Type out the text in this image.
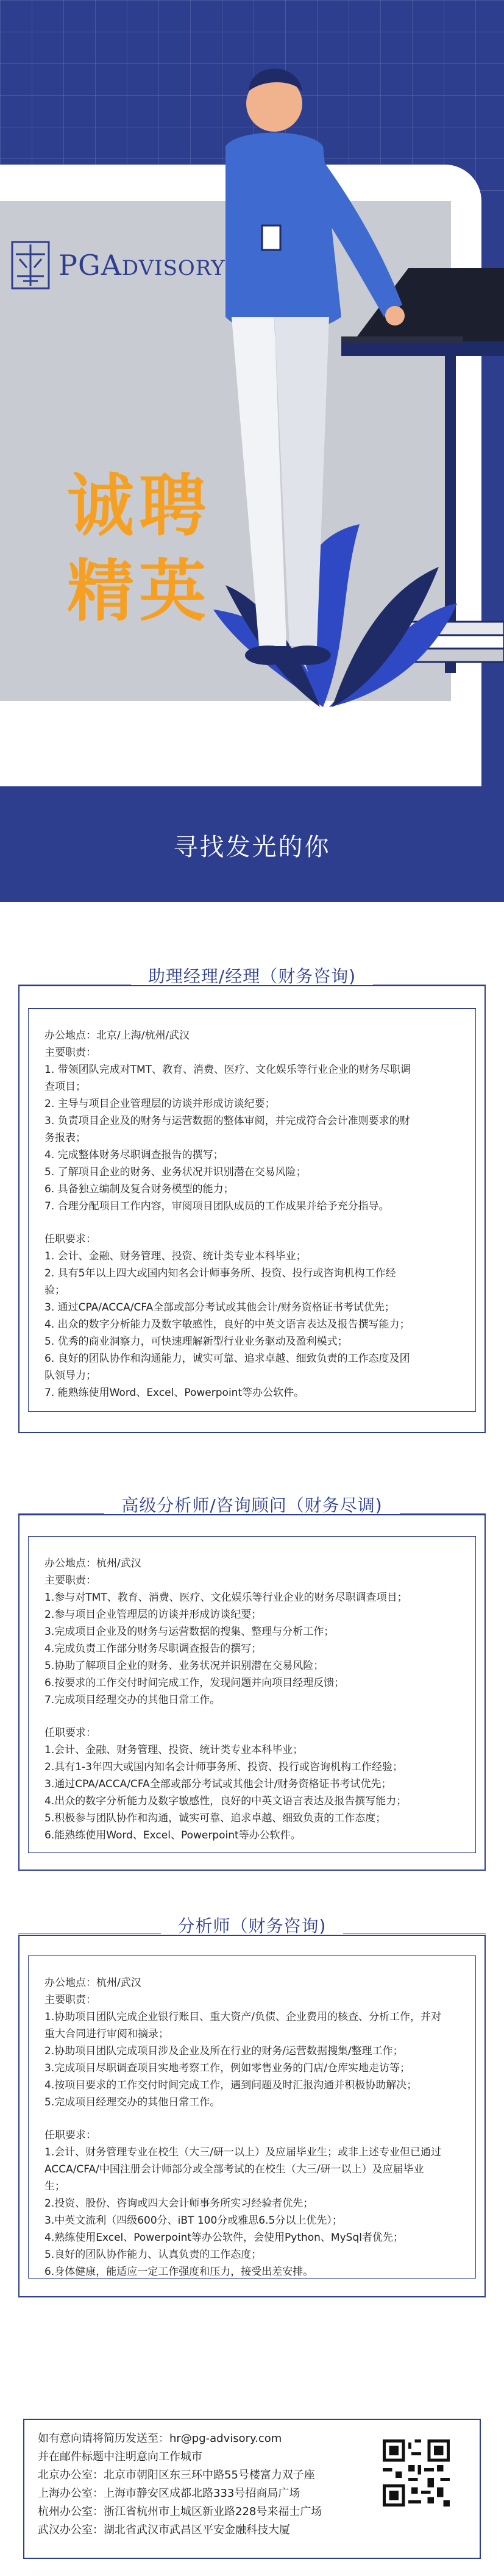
PGADVISORY
诚聘
精英
寻找发光的你
助理经理/经理（财务咨询)

办公地点：北京/上海/杭州/武汉

主要职责：

1. 带领团队完成对TMT、教育、消费、医疗、文化娱乐等行业企业的财务尽职调

查项目；

2. 主导与项目企业管理层的访谈并形成访谈纪要；

3. 负责项目企业及的财务与运营数据的整体审阅，并完成符合会计准则要求的财

务报表；

4. 完成整体财务尽职调查报告的撰写；

5. 了解项目企业的财务、业务状况并识别潜在交易风险；

6. 具备独立编制及复合财务模型的能力；

7. 合理分配项目工作内容，审阅项目团队成员的工作成果并给予充分指导。

任职要求：

1. 会计、金融、财务管理、投资、统计类专业本科毕业；

2. 具有5年以上四大或国内知名会计师事务所、投资、投行或咨询机构工作经

验；

3. 通过CPA/ACCA/CFA全部或部分考试或其他会计/财务资格证书考试优先；

4. 出众的数字分析能力及数字敏感性，良好的中英文语言表达及报告撰写能力；

5. 优秀的商业洞察力，可快速理解新型行业业务驱动及盈利模式；

6. 良好的团队协作和沟通能力，诚实可靠、追求卓越、细致负责的工作态度及团

队领导力；

7. 能熟练使用Word、Excel、Powerpoint等办公软件。

高级分析师/咨询顾问（财务尽调)

办公地点：杭州/武汉

主要职责：

1.参与对TMT、教育、消费、医疗、文化娱乐等行业企业的财务尽职调查项目；

2.参与项目企业管理层的访谈并形成访谈纪要；

3.完成项目企业及的财务与运营数据的搜集、整理与分析工作；

4.完成负责工作部分财务尽职调查报告的撰写；

5.协助了解项目企业的财务、业务状况并识别潜在交易风险；

6.按要求的工作交付时间完成工作，发现问题并向项目经理反馈；

7.完成项目经理交办的其他日常工作。

任职要求：

1.会计、金融、财务管理、投资、统计类专业本科毕业；

2.具有1-3年四大或国内知名会计师事务所、投资、投行或咨询机构工作经验；

3.通过CPA/ACCA/CFA全部或部分考试或其他会计/财务资格证书考试优先；

4.出众的数字分析能力及数字敏感性，良好的中英文语言表达及报告撰写能力；

5.积极参与团队协作和沟通，诚实可靠、追求卓越、细致负责的工作态度；

6.能熟练使用Word、Excel、Powerpoint等办公软件。

分析师（财务咨询)

办公地点：杭州/武汉

主要职责：

1.协助项目团队完成企业银行账目、重大资产/负债、企业费用的核查、分析工作，并对

重大合同进行审阅和摘录；

2.协助项目团队完成项目涉及企业及所在行业的财务/运营数据搜集/整理工作；

3.完成项目尽职调查项目实地考察工作，例如零售业务的门店/仓库实地走访等；

4.按项目要求的工作交付时间完成工作，遇到问题及时汇报沟通并积极协助解决；

5.完成项目经理交办的其他日常工作。

任职要求：

1.会计、财务管理专业在校生（大三/研一以上）及应届毕业生；或非上述专业但已通过

ACCA/CFA/中国注册会计师部分或全部考试的在校生（大三/研一以上）及应届毕业

生；

2.投资、股份、咨询或四大会计师事务所实习经验者优先；

3.中英文流利（四级600分、iBT 100分或雅思6.5分以上优先）；

4.熟练使用Excel、Powerpoint等办公软件，会使用Python、MySql者优先；

5.良好的团队协作能力、认真负责的工作态度；

6.身体健康，能适应一定工作强度和压力，接受出差安排。

如有意向请将简历发送至：hr@pg-advisory.com
并在邮件标题中注明意向工作城市
北京办公室：北京市朝阳区东三环中路55号楼富力双子座
上海办公室：上海市静安区成都北路333号招商局广场
杭州办公室：浙江省杭州市上城区新业路228号来福士广场
武汉办公室：湖北省武汉市武昌区平安金融科技大厦
